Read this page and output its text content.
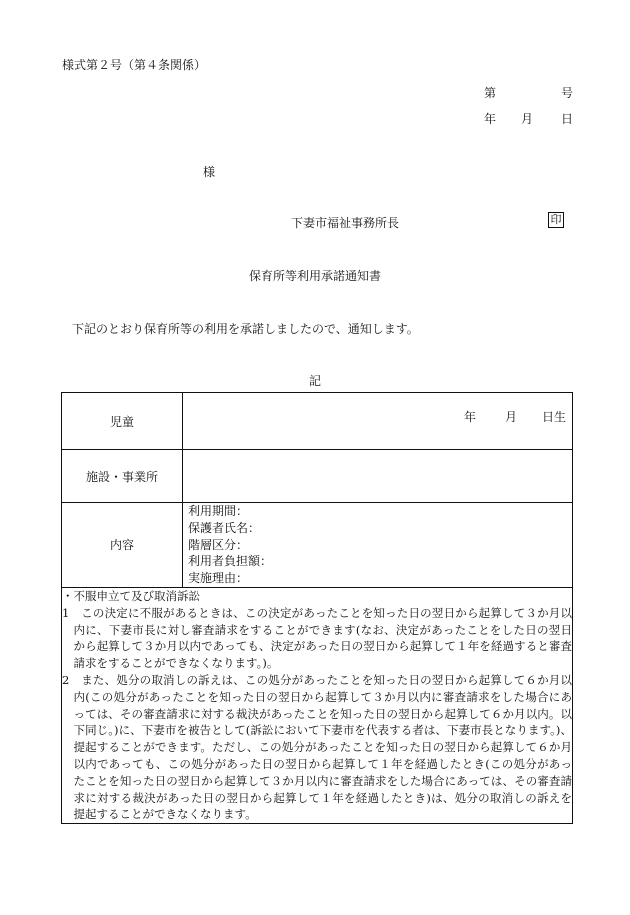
様式第２号（第４条関係）
第	号
年 月 日
様
下妻市福祉事務所長	印
保育所等利用承諾通知書
下記のとおり保育所等の利用を承諾しましたので、通知します。
記
児童	年 月 日生

施設・事業所	
内容	利用期間：
保護者氏名：
階層区分：
利用者負担額：
実施理由：

・不服申立て及び取消訴訟

1　この決定に不服があるときは、この決定があったことを知った日の翌日から起算して３か月以内に、下妻市長に対し審査請求をすることができます(なお、決定があったことをした日の翌日から起算して３か月以内であっても、決定があった日の翌日から起算して１年を経過すると審査請求をすることができなくなります。)。

2　また、処分の取消しの訴えは、この処分があったことを知った日の翌日から起算して６か月以内(この処分があったことを知った日の翌日から起算して３か月以内に審査請求をした場合にあっては、その審査請求に対する裁決があったことを知った日の翌日から起算して６か月以内。以下同じ。)に、下妻市を被告として(訴訟において下妻市を代表する者は、下妻市長となります。)、提起することができます。ただし、この処分があったことを知った日の翌日から起算して６か月以内であっても、この処分があった日の翌日から起算して１年を経過したとき(この処分があったことを知った日の翌日から起算して３か月以内に審査請求をした場合にあっては、その審査請求に対する裁決があった日の翌日から起算して１年を経過したとき)は、処分の取消しの訴えを提起することができなくなります。	
